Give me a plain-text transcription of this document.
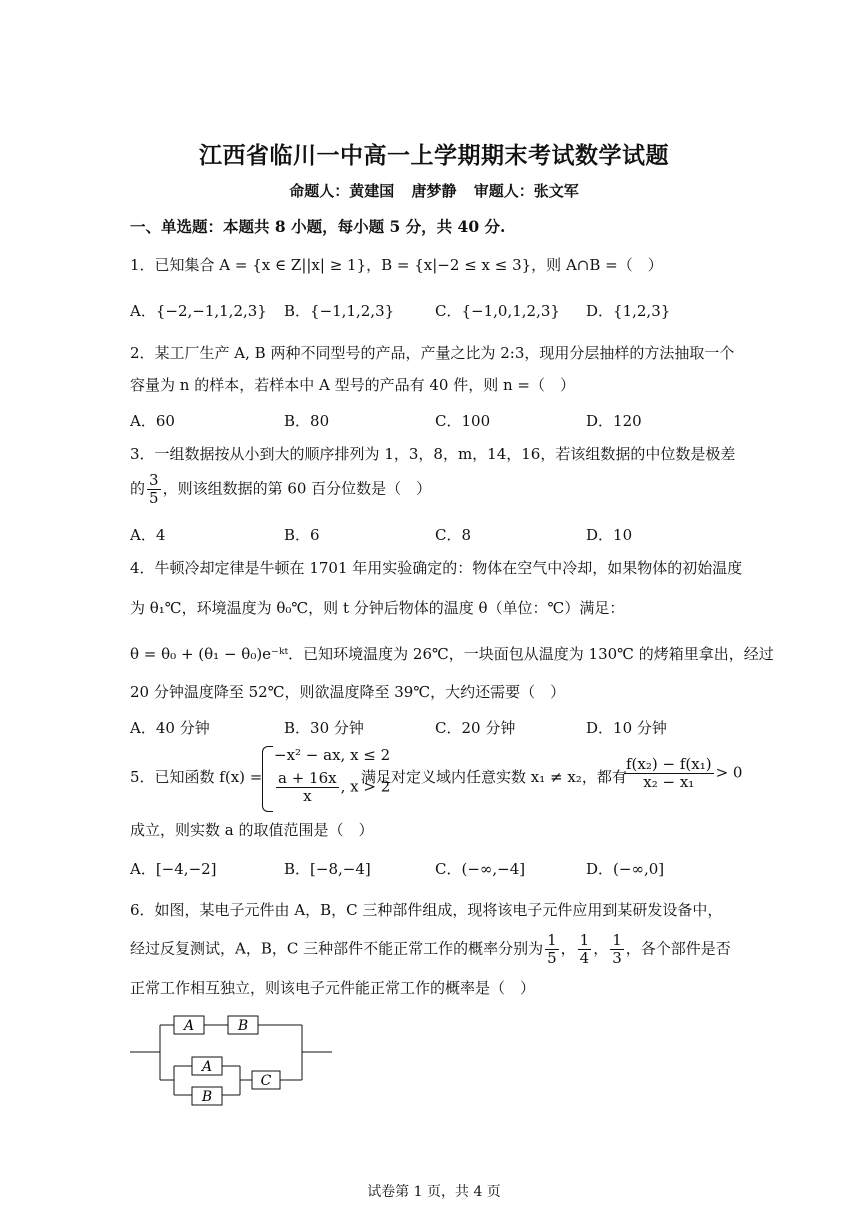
江西省临川一中高一上学期期末考试数学试题
命题人：黄建国 唐梦静 审题人：张文军
一、单选题：本题共 8 小题，每小题 5 分，共 40 分.
1．已知集合 A = {x ∈ Z||x| ≥ 1}，B = {x|−2 ≤ x ≤ 3}，则 A∩B =（　）
A．{−2,−1,1,2,3} B．{−1,1,2,3}	C．{−1,0,1,2,3} D．{1,2,3}
2．某工厂生产 A, B 两种不同型号的产品，产量之比为 2:3，现用分层抽样的方法抽取一个
容量为 n 的样本，若样本中 A 型号的产品有 40 件，则 n =（　）
A．60	B．80	C．100	D．120
3．一组数据按从小到大的顺序排列为 1，3，8，m，14，16，若该组数据的中位数是极差
的 $\frac{3}{5}$ ，则该组数据的第 60 百分位数是（　）
A．4	B．6	C．8	D．10
4．牛顿冷却定律是牛顿在 1701 年用实验确定的：物体在空气中冷却，如果物体的初始温度
为 θ₁℃，环境温度为 θ₀℃，则 t 分钟后物体的温度 θ（单位：℃）满足：
θ = θ₀ + (θ₁ − θ₀)e⁻ᵏᵗ．已知环境温度为 26℃，一块面包从温度为 130℃ 的烤箱里拿出，经过
20 分钟温度降至 52℃，则欲温度降至 39℃，大约还需要（　）
A．40 分钟	B．30 分钟	C．20 分钟	D．10 分钟
5．已知函数 f(x) =
−x² − ax, x ≤ 2
$\frac{a + 16x}{x}$ , x > 2
满足对定义域内任意实数 x₁ ≠ x₂，都有
$\frac{\text{f(x₂) − f(x₁)}}{\text{x₂ − x₁}} > 0$
成立，则实数 a 的取值范围是（　）
A．[−4,−2]	B．[−8,−4]	C．(−∞,−4]	D．(−∞,0]
6．如图，某电子元件由 A，B，C 三种部件组成，现将该电子元件应用到某研发设备中，
经过反复测试，A，B，C 三种部件不能正常工作的概率分别为 $\frac{1}{5}$ ， $\frac{1}{4}$ ， $\frac{1}{3}$ ，各个部件是否
正常工作相互独立，则该电子元件能正常工作的概率是（　）
A	B
A
B
C
试卷第 1 页，共 4 页
